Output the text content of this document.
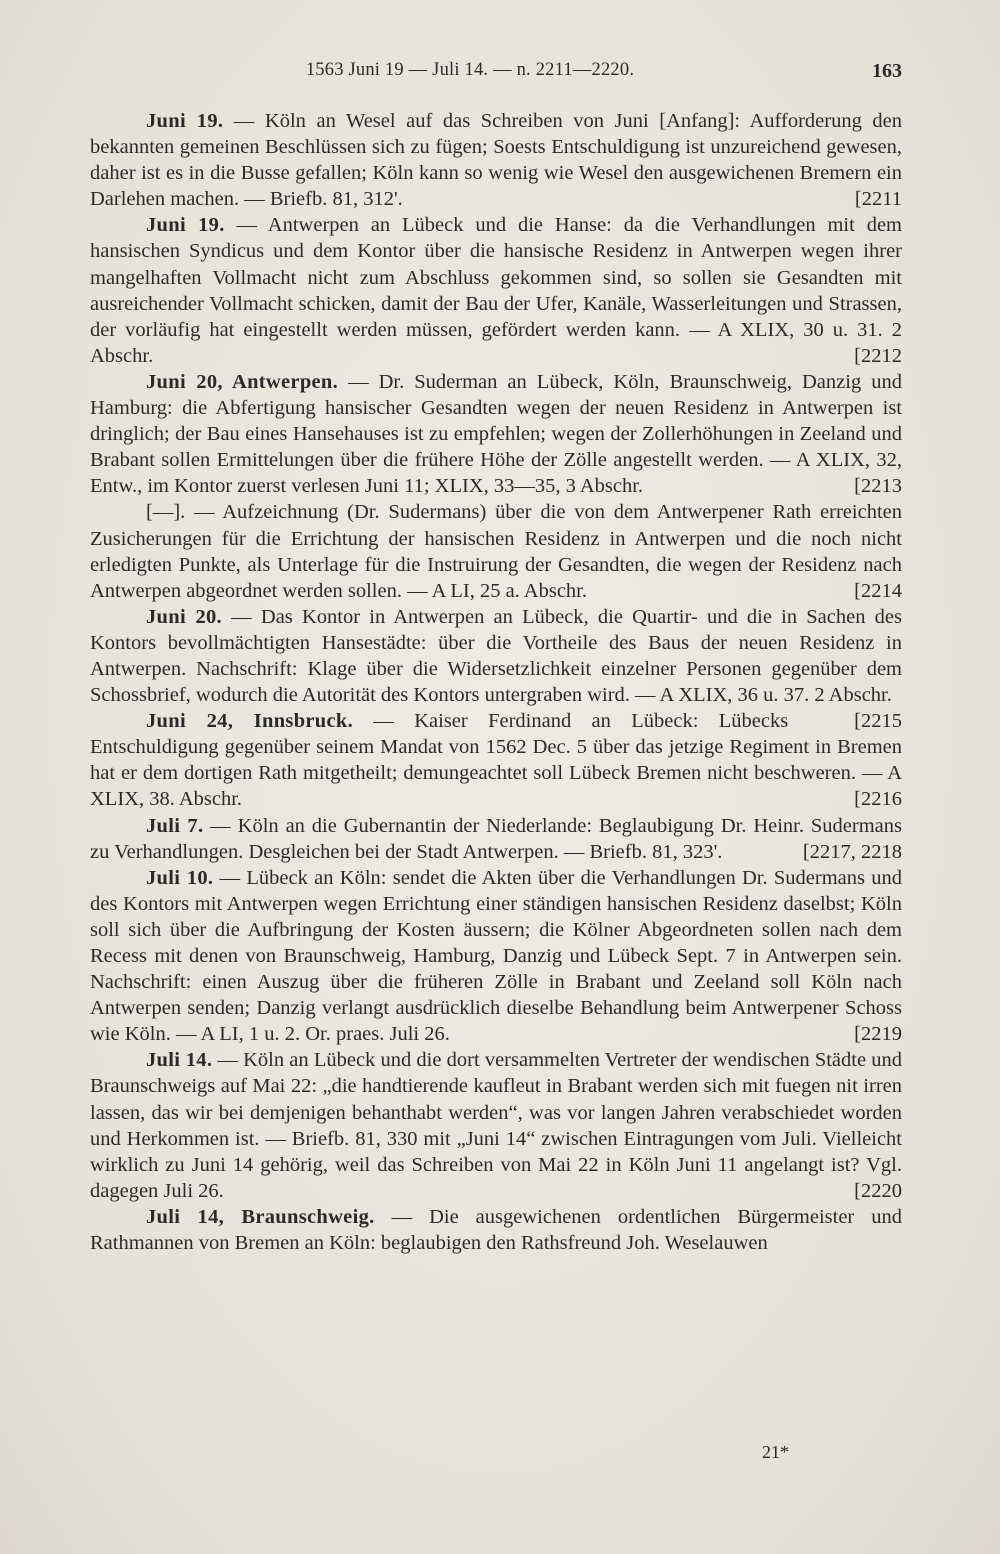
1563 Juni 19 — Juli 14. — n. 2211—2220.	163
Juni 19. — Köln an Wesel auf das Schreiben von Juni [Anfang]: Aufforderung den bekannten gemeinen Beschlüssen sich zu fügen; Soests Entschuldigung ist unzureichend gewesen, daher ist es in die Busse gefallen; Köln kann so wenig wie Wesel den ausgewichenen Bremern ein Darlehen machen. — Briefb. 81, 312'.	[2211
Juni 19. — Antwerpen an Lübeck und die Hanse: da die Verhandlungen mit dem hansischen Syndicus und dem Kontor über die hansische Residenz in Antwerpen wegen ihrer mangelhaften Vollmacht nicht zum Abschluss gekommen sind, so sollen sie Gesandten mit ausreichender Vollmacht schicken, damit der Bau der Ufer, Kanäle, Wasserleitungen und Strassen, der vorläufig hat eingestellt werden müssen, gefördert werden kann. — A XLIX, 30 u. 31. 2 Abschr.	[2212
Juni 20, Antwerpen. — Dr. Suderman an Lübeck, Köln, Braunschweig, Danzig und Hamburg: die Abfertigung hansischer Gesandten wegen der neuen Residenz in Antwerpen ist dringlich; der Bau eines Hansehauses ist zu empfehlen; wegen der Zollerhöhungen in Zeeland und Brabant sollen Ermittelungen über die frühere Höhe der Zölle angestellt werden. — A XLIX, 32, Entw., im Kontor zuerst verlesen Juni 11; XLIX, 33—35, 3 Abschr.	[2213
[—]. — Aufzeichnung (Dr. Sudermans) über die von dem Antwerpener Rath erreichten Zusicherungen für die Errichtung der hansischen Residenz in Antwerpen und die noch nicht erledigten Punkte, als Unterlage für die Instruirung der Gesandten, die wegen der Residenz nach Antwerpen abgeordnet werden sollen. — A LI, 25 a. Abschr.	[2214
Juni 20. — Das Kontor in Antwerpen an Lübeck, die Quartir- und die in Sachen des Kontors bevollmächtigten Hansestädte: über die Vortheile des Baus der neuen Residenz in Antwerpen. Nachschrift: Klage über die Widersetzlichkeit einzelner Personen gegenüber dem Schossbrief, wodurch die Autorität des Kontors untergraben wird. — A XLIX, 36 u. 37. 2 Abschr.
[2215
Juni 24, Innsbruck. — Kaiser Ferdinand an Lübeck: Lübecks Entschuldigung gegenüber seinem Mandat von 1562 Dec. 5 über das jetzige Regiment in Bremen hat er dem dortigen Rath mitgetheilt; demungeachtet soll Lübeck Bremen nicht beschweren. — A XLIX, 38. Abschr.	[2216
Juli 7. — Köln an die Gubernantin der Niederlande: Beglaubigung Dr. Heinr. Sudermans zu Verhandlungen. Desgleichen bei der Stadt Antwerpen. — Briefb. 81, 323'.	[2217, 2218
Juli 10. — Lübeck an Köln: sendet die Akten über die Verhandlungen Dr. Sudermans und des Kontors mit Antwerpen wegen Errichtung einer ständigen hansischen Residenz daselbst; Köln soll sich über die Aufbringung der Kosten äussern; die Kölner Abgeordneten sollen nach dem Recess mit denen von Braunschweig, Hamburg, Danzig und Lübeck Sept. 7 in Antwerpen sein. Nachschrift: einen Auszug über die früheren Zölle in Brabant und Zeeland soll Köln nach Antwerpen senden; Danzig verlangt ausdrücklich dieselbe Behandlung beim Antwerpener Schoss wie Köln. — A LI, 1 u. 2. Or. praes. Juli 26.	[2219
Juli 14. — Köln an Lübeck und die dort versammelten Vertreter der wendischen Städte und Braunschweigs auf Mai 22: „die handtierende kaufleut in Brabant werden sich mit fuegen nit irren lassen, das wir bei demjenigen behanthabt werden“, was vor langen Jahren verabschiedet worden und Herkommen ist. — Briefb. 81, 330 mit „Juni 14“ zwischen Eintragungen vom Juli. Vielleicht wirklich zu Juni 14 gehörig, weil das Schreiben von Mai 22 in Köln Juni 11 angelangt ist? Vgl. dagegen Juli 26.	[2220
Juli 14, Braunschweig. — Die ausgewichenen ordentlichen Bürgermeister und Rathmannen von Bremen an Köln: beglaubigen den Rathsfreund Joh. Weselauwen
21*
